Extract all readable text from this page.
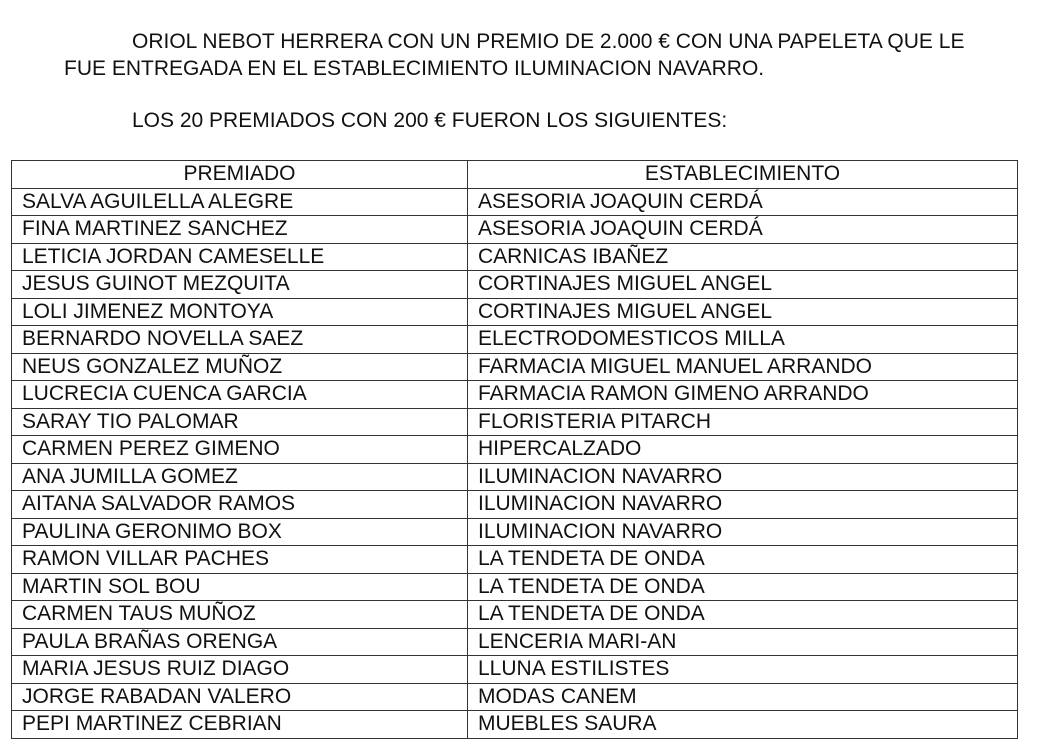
ORIOL NEBOT HERRERA CON UN PREMIO DE 2.000 € CON UNA PAPELETA QUE LE FUE ENTREGADA EN EL ESTABLECIMIENTO ILUMINACION NAVARRO.

LOS 20 PREMIADOS CON 200 € FUERON LOS SIGUIENTES:

PREMIADO	ESTABLECIMIENTO
SALVA AGUILELLA ALEGRE	ASESORIA JOAQUIN CERDÁ
FINA MARTINEZ SANCHEZ	ASESORIA JOAQUIN CERDÁ
LETICIA JORDAN CAMESELLE	CARNICAS IBAÑEZ
JESUS GUINOT MEZQUITA	CORTINAJES MIGUEL ANGEL
LOLI JIMENEZ MONTOYA	CORTINAJES MIGUEL ANGEL
BERNARDO NOVELLA SAEZ	ELECTRODOMESTICOS MILLA
NEUS GONZALEZ MUÑOZ	FARMACIA MIGUEL MANUEL ARRANDO
LUCRECIA CUENCA GARCIA	FARMACIA RAMON GIMENO ARRANDO
SARAY TIO PALOMAR	FLORISTERIA PITARCH
CARMEN PEREZ GIMENO	HIPERCALZADO
ANA JUMILLA GOMEZ	ILUMINACION NAVARRO
AITANA SALVADOR RAMOS	ILUMINACION NAVARRO
PAULINA GERONIMO BOX	ILUMINACION NAVARRO
RAMON VILLAR PACHES	LA TENDETA DE ONDA
MARTIN SOL BOU	LA TENDETA DE ONDA
CARMEN TAUS MUÑOZ	LA TENDETA DE ONDA
PAULA BRAÑAS ORENGA	LENCERIA MARI-AN
MARIA JESUS RUIZ DIAGO	LLUNA ESTILISTES
JORGE RABADAN VALERO	MODAS CANEM
PEPI MARTINEZ CEBRIAN	MUEBLES SAURA
